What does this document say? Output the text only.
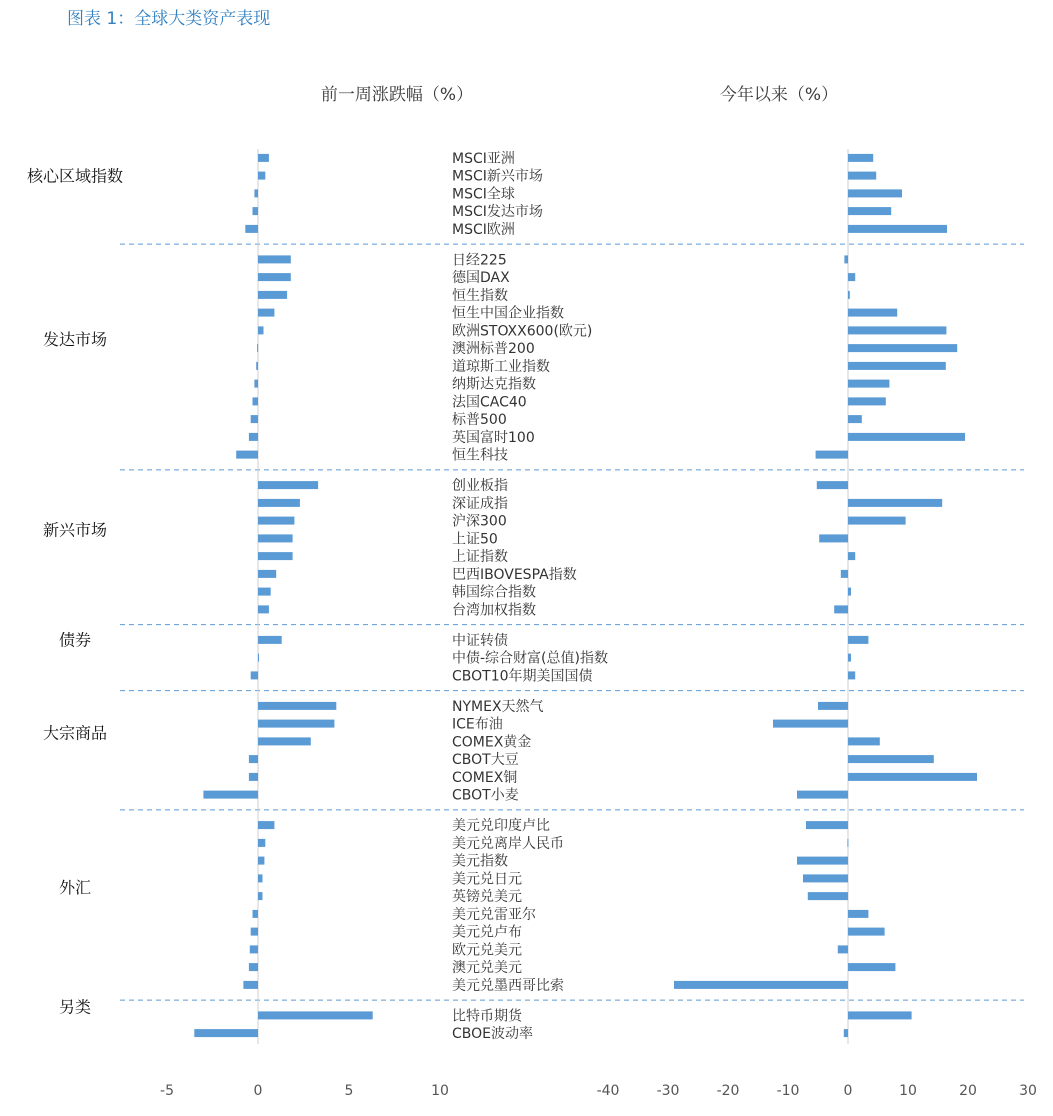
图表 1：全球大类资产表现
前一周涨跌幅（%）	今年以来（%）
核心区域指数
发达市场
新兴市场
债券
大宗商品
外汇
另类
MSCI亚洲
MSCI新兴市场
MSCI全球
MSCI发达市场
MSCI欧洲
日经225
德国DAX
恒生指数
恒生中国企业指数
欧洲STOXX600(欧元)
澳洲标普200
道琼斯工业指数
纳斯达克指数
法国CAC40
标普500
英国富时100
恒生科技
创业板指
深证成指
沪深300
上证50
上证指数
巴西IBOVESPA指数
韩国综合指数
台湾加权指数
中证转债
中债-综合财富(总值)指数
CBOT10年期美国国债
NYMEX天然气
ICE布油
COMEX黄金
CBOT大豆
COMEX铜
CBOT小麦
美元兑印度卢比
美元兑离岸人民币
美元指数
美元兑日元
英镑兑美元
美元兑雷亚尔
美元兑卢布
欧元兑美元
澳元兑美元
美元兑墨西哥比索
比特币期货
CBOE波动率
-5	0	5	10	-40	-30	-20	-10	0	10	20	30
